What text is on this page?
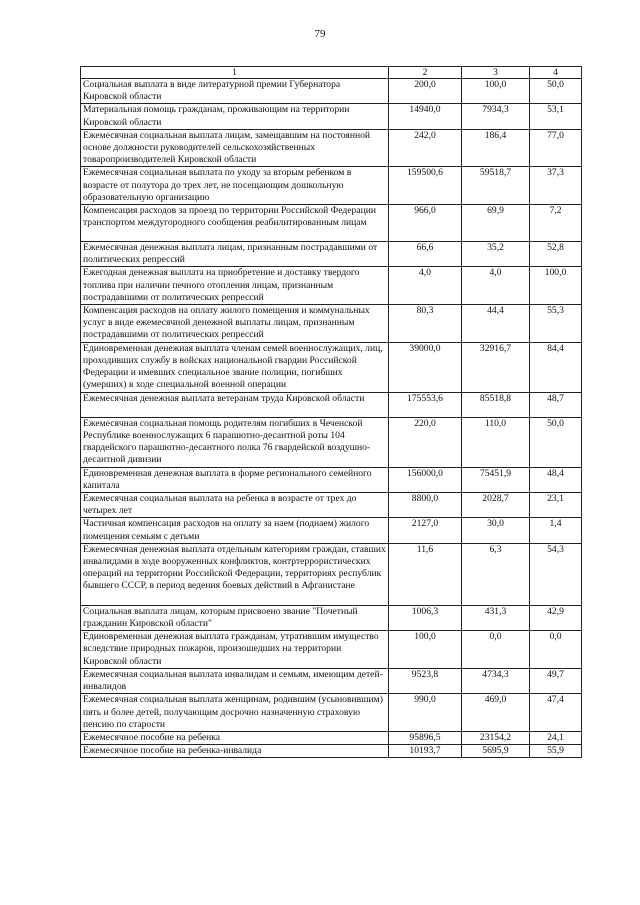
79
1	2	3	4
Социальная выплата в виде литературной премии Губернатора Кировской области	200,0	100,0	50,0
Материальная помощь гражданам, проживающим на территории Кировской области	14940,0	7934,3	53,1
Ежемесячная социальная выплата лицам, замещавшим на постоянной основе должности руководителей сельскохозяйственных товаропроизводителей Кировской области	242,0	186,4	77,0
Ежемесячная социальная выплата по уходу за вторым ребенком в возрасте от полутора до трех лет, не посещающим дошкольную образовательную организацию	159500,6	59518,7	37,3
Компенсация расходов за проезд по территории Российской Федерации транспортом междугородного сообщения реабилитированным лицам	966,0	69,9	7,2
Ежемесячная денежная выплата лицам, признанным пострадавшими от политических репрессий	66,6	35,2	52,8
Ежегодная денежная выплата на приобретение и доставку твердого топлива при наличии печного отопления лицам, признанным пострадавшими от политических репрессий	4,0	4,0	100,0
Компенсация расходов на оплату жилого помещения и коммунальных услуг в виде ежемесячной денежной выплаты лицам, признанным пострадавшими от политических репрессий	80,3	44,4	55,3
Единовременная денежная выплата членам семей военнослужащих, лиц, проходивших службу в войсках национальной гвардии Российской Федерации и имевших специальное звание полиции, погибших (умерших) в ходе специальной военной операции	39000,0	32916,7	84,4
Ежемесячная денежная выплата ветеранам труда Кировской области	175553,6	85518,8	48,7
Ежемесячная социальная помощь родителям погибших в Чеченской Республике военнослужащих 6 парашютно-десантной роты 104 гвардейского парашютно-десантного полка 76 гвардейской воздушно-десантной дивизии	220,0	110,0	50,0
Единовременная денежная выплата в форме регионального семейного капитала	156000,0	75451,9	48,4
Ежемесячная социальная выплата на ребенка в возрасте от трех до четырех лет	8800,0	2028,7	23,1
Частичная компенсация расходов на оплату за наем (поднаем) жилого помещения семьям с детьми	2127,0	30,0	1,4
Ежемесячная денежная выплата отдельным категориям граждан, ставших инвалидами в ходе вооруженных конфликтов, контртеррористических операций на территории Российской Федерации, территориях республик бывшего СССР, в период ведения боевых действий в Афганистане	11,6	6,3	54,3
Социальная выплата лицам, которым присвоено звание "Почетный гражданин Кировской области"	1006,3	431,3	42,9
Единовременная денежная выплата гражданам, утратившим имущество вследствие природных пожаров, произошедших на территории Кировской области	100,0	0,0	0,0
Ежемесячная социальная выплата инвалидам и семьям, имеющим детей-инвалидов	9523,8	4734,3	49,7
Ежемесячная социальная выплата женщинам, родившим (усыновившим) пять и более детей, получающим досрочно назначенную страховую пенсию по старости	990,0	469,0	47,4
Ежемесячное пособие на ребенка	95896,5	23154,2	24,1
Ежемесячное пособие на ребенка-инвалида	10193,7	5695,9	55,9
